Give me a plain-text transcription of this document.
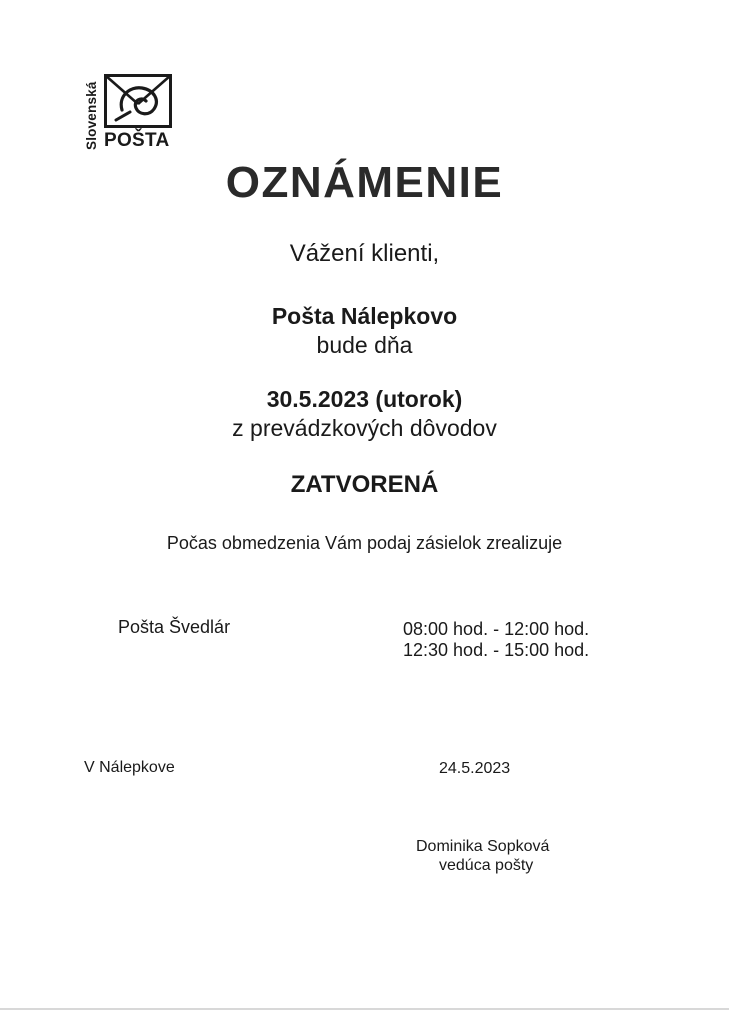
Slovenská POŠTA
OZNÁMENIE
Vážení klienti,
Pošta Nálepkovo
bude dňa
30.5.2023 (utorok)
z prevádzkových dôvodov
ZATVORENÁ
Počas obmedzenia Vám podaj zásielok zrealizuje
Pošta Švedlár	08:00 hod. - 12:00 hod.
12:30 hod. - 15:00 hod.
V Nálepkove	24.5.2023
Dominika Sopková
vedúca pošty
